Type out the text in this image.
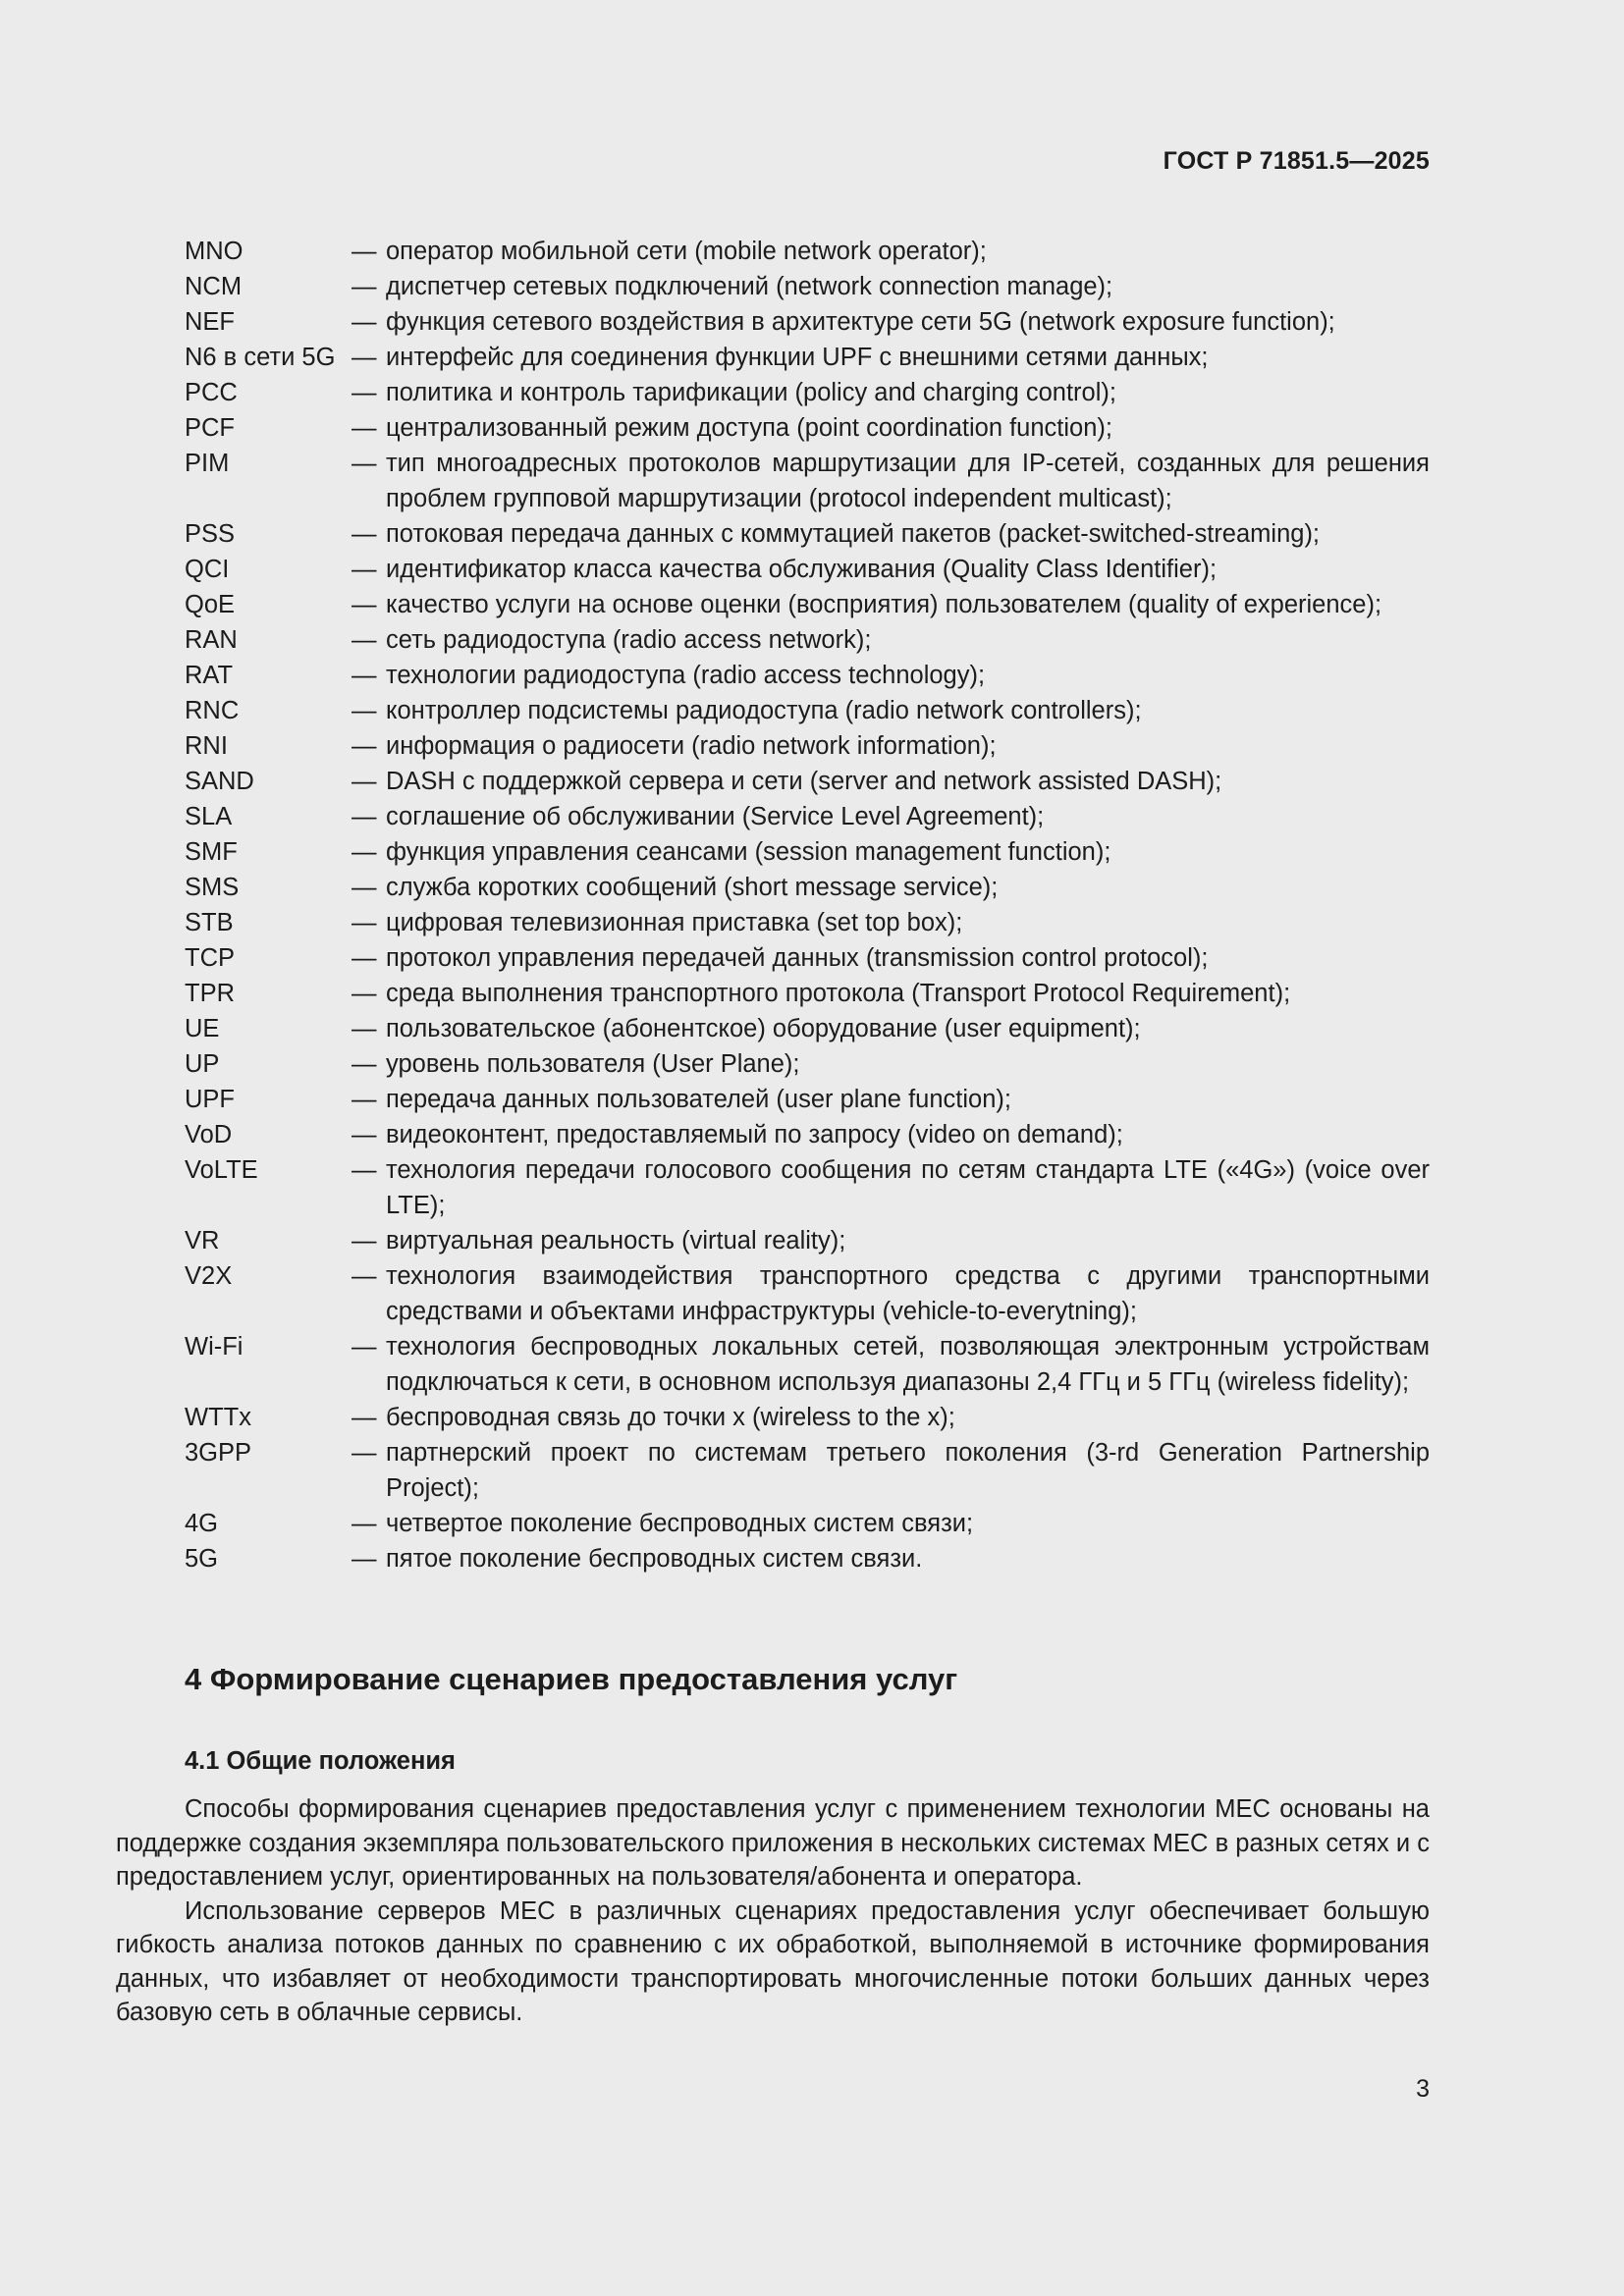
ГОСТ Р 71851.5—2025
MNO	— оператор мобильной сети (mobile network operator);
NCM	— диспетчер сетевых подключений (network connection manage);
NEF	— функция сетевого воздействия в архитектуре сети 5G (network exposure function);
N6 в сети 5G — интерфейс для соединения функции UPF с внешними сетями данных;
PCC	— политика и контроль тарификации (policy and charging control);
PCF	— централизованный режим доступа (point coordination function);
PIM	— тип многоадресных протоколов маршрутизации для IP-сетей, созданных для решения проблем групповой маршрутизации (protocol independent multicast);
PSS	— потоковая передача данных с коммутацией пакетов (packet-switched-streaming);
QCI	— идентификатор класса качества обслуживания (Quality Class Identifier);
QoE	— качество услуги на основе оценки (восприятия) пользователем (quality of experience);
RAN	— сеть радиодоступа (radio access network);
RAT	— технологии радиодоступа (radio access technology);
RNC	— контроллер подсистемы радиодоступа (radio network controllers);
RNI	— информация о радиосети (radio network information);
SAND	— DASH с поддержкой сервера и сети (server and network assisted DASH);
SLA	— соглашение об обслуживании (Service Level Agreement);
SMF	— функция управления сеансами (session management function);
SMS	— служба коротких сообщений (short message service);
STB	— цифровая телевизионная приставка (set top box);
TCP	— протокол управления передачей данных (transmission control protocol);
TPR	— среда выполнения транспортного протокола (Transport Protocol Requirement);
UE	— пользовательское (абонентское) оборудование (user equipment);
UP	— уровень пользователя (User Plane);
UPF	— передача данных пользователей (user plane function);
VoD	— видеоконтент, предоставляемый по запросу (video on demand);
VoLTE	— технология передачи голосового сообщения по сетям стандарта LTE («4G») (voice over LTE);
VR	— виртуальная реальность (virtual reality);
V2X	— технология взаимодействия транспортного средства с другими транспортными средствами и объектами инфраструктуры (vehicle-to-everytning);
Wi-Fi	— технология беспроводных локальных сетей, позволяющая электронным устройствам подключаться к сети, в основном используя диапазоны 2,4 ГГц и 5 ГГц (wireless fidelity);
WTTx	— беспроводная связь до точки x (wireless to the x);
3GPP	— партнерский проект по системам третьего поколения (3-rd Generation Partnership Project);
4G	— четвертое поколение беспроводных систем связи;
5G	— пятое поколение беспроводных систем связи.
4 Формирование сценариев предоставления услуг
4.1 Общие положения

Способы формирования сценариев предоставления услуг с применением технологии МЕС основаны на поддержке создания экземпляра пользовательского приложения в нескольких системах МЕС в разных сетях и с предоставлением услуг, ориентированных на пользователя/абонента и оператора.

Использование серверов МЕС в различных сценариях предоставления услуг обеспечивает большую гибкость анализа потоков данных по сравнению с их обработкой, выполняемой в источнике формирования данных, что избавляет от необходимости транспортировать многочисленные потоки больших данных через базовую сеть в облачные сервисы.

3
